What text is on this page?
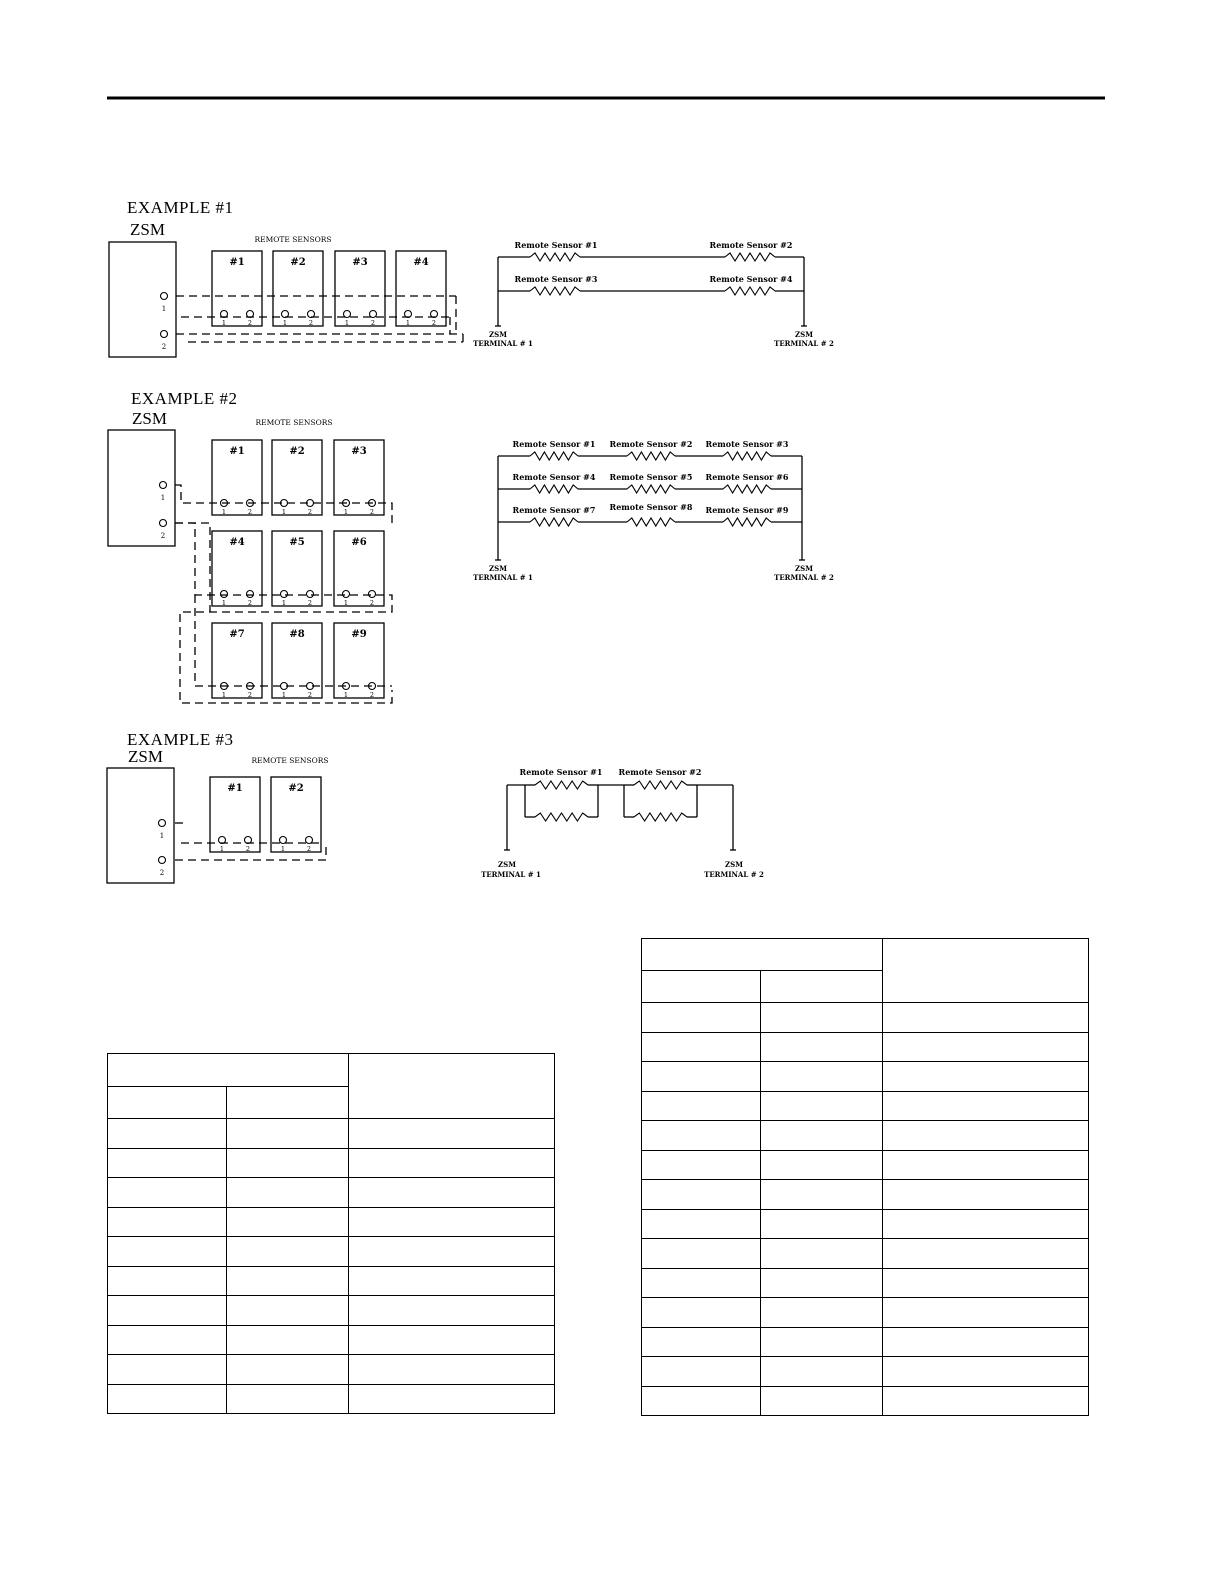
1
2
REMOTE SENSORS
#1
1	2
#2
1	2
#3
1	2
#4
1	2
Remote Sensor #1	Remote Sensor #2
Remote Sensor #3	Remote Sensor #4
ZSM
TERMINAL # 1
ZSM
TERMINAL # 2
1
2
REMOTE SENSORS
#1
1	2
#2
1	2
#3
1	2
#4
1	2
#5
1	2
#6
1	2
#7
1	2
#8
1	2
#9
1	2
Remote Sensor #1 Remote Sensor #2 Remote Sensor #3
Remote Sensor #4 Remote Sensor #5 Remote Sensor #6
Remote Sensor #7 Remote Sensor #8 Remote Sensor #9
ZSM
TERMINAL # 1
ZSM
TERMINAL # 2
1
2
REMOTE SENSORS
#1
1	2
#2
1	2
Remote Sensor #1 Remote Sensor #2
ZSM
TERMINAL # 1
ZSM
TERMINAL # 2
EXAMPLE #1
ZSM
EXAMPLE #2
ZSM
EXAMPLE #3
ZSM
